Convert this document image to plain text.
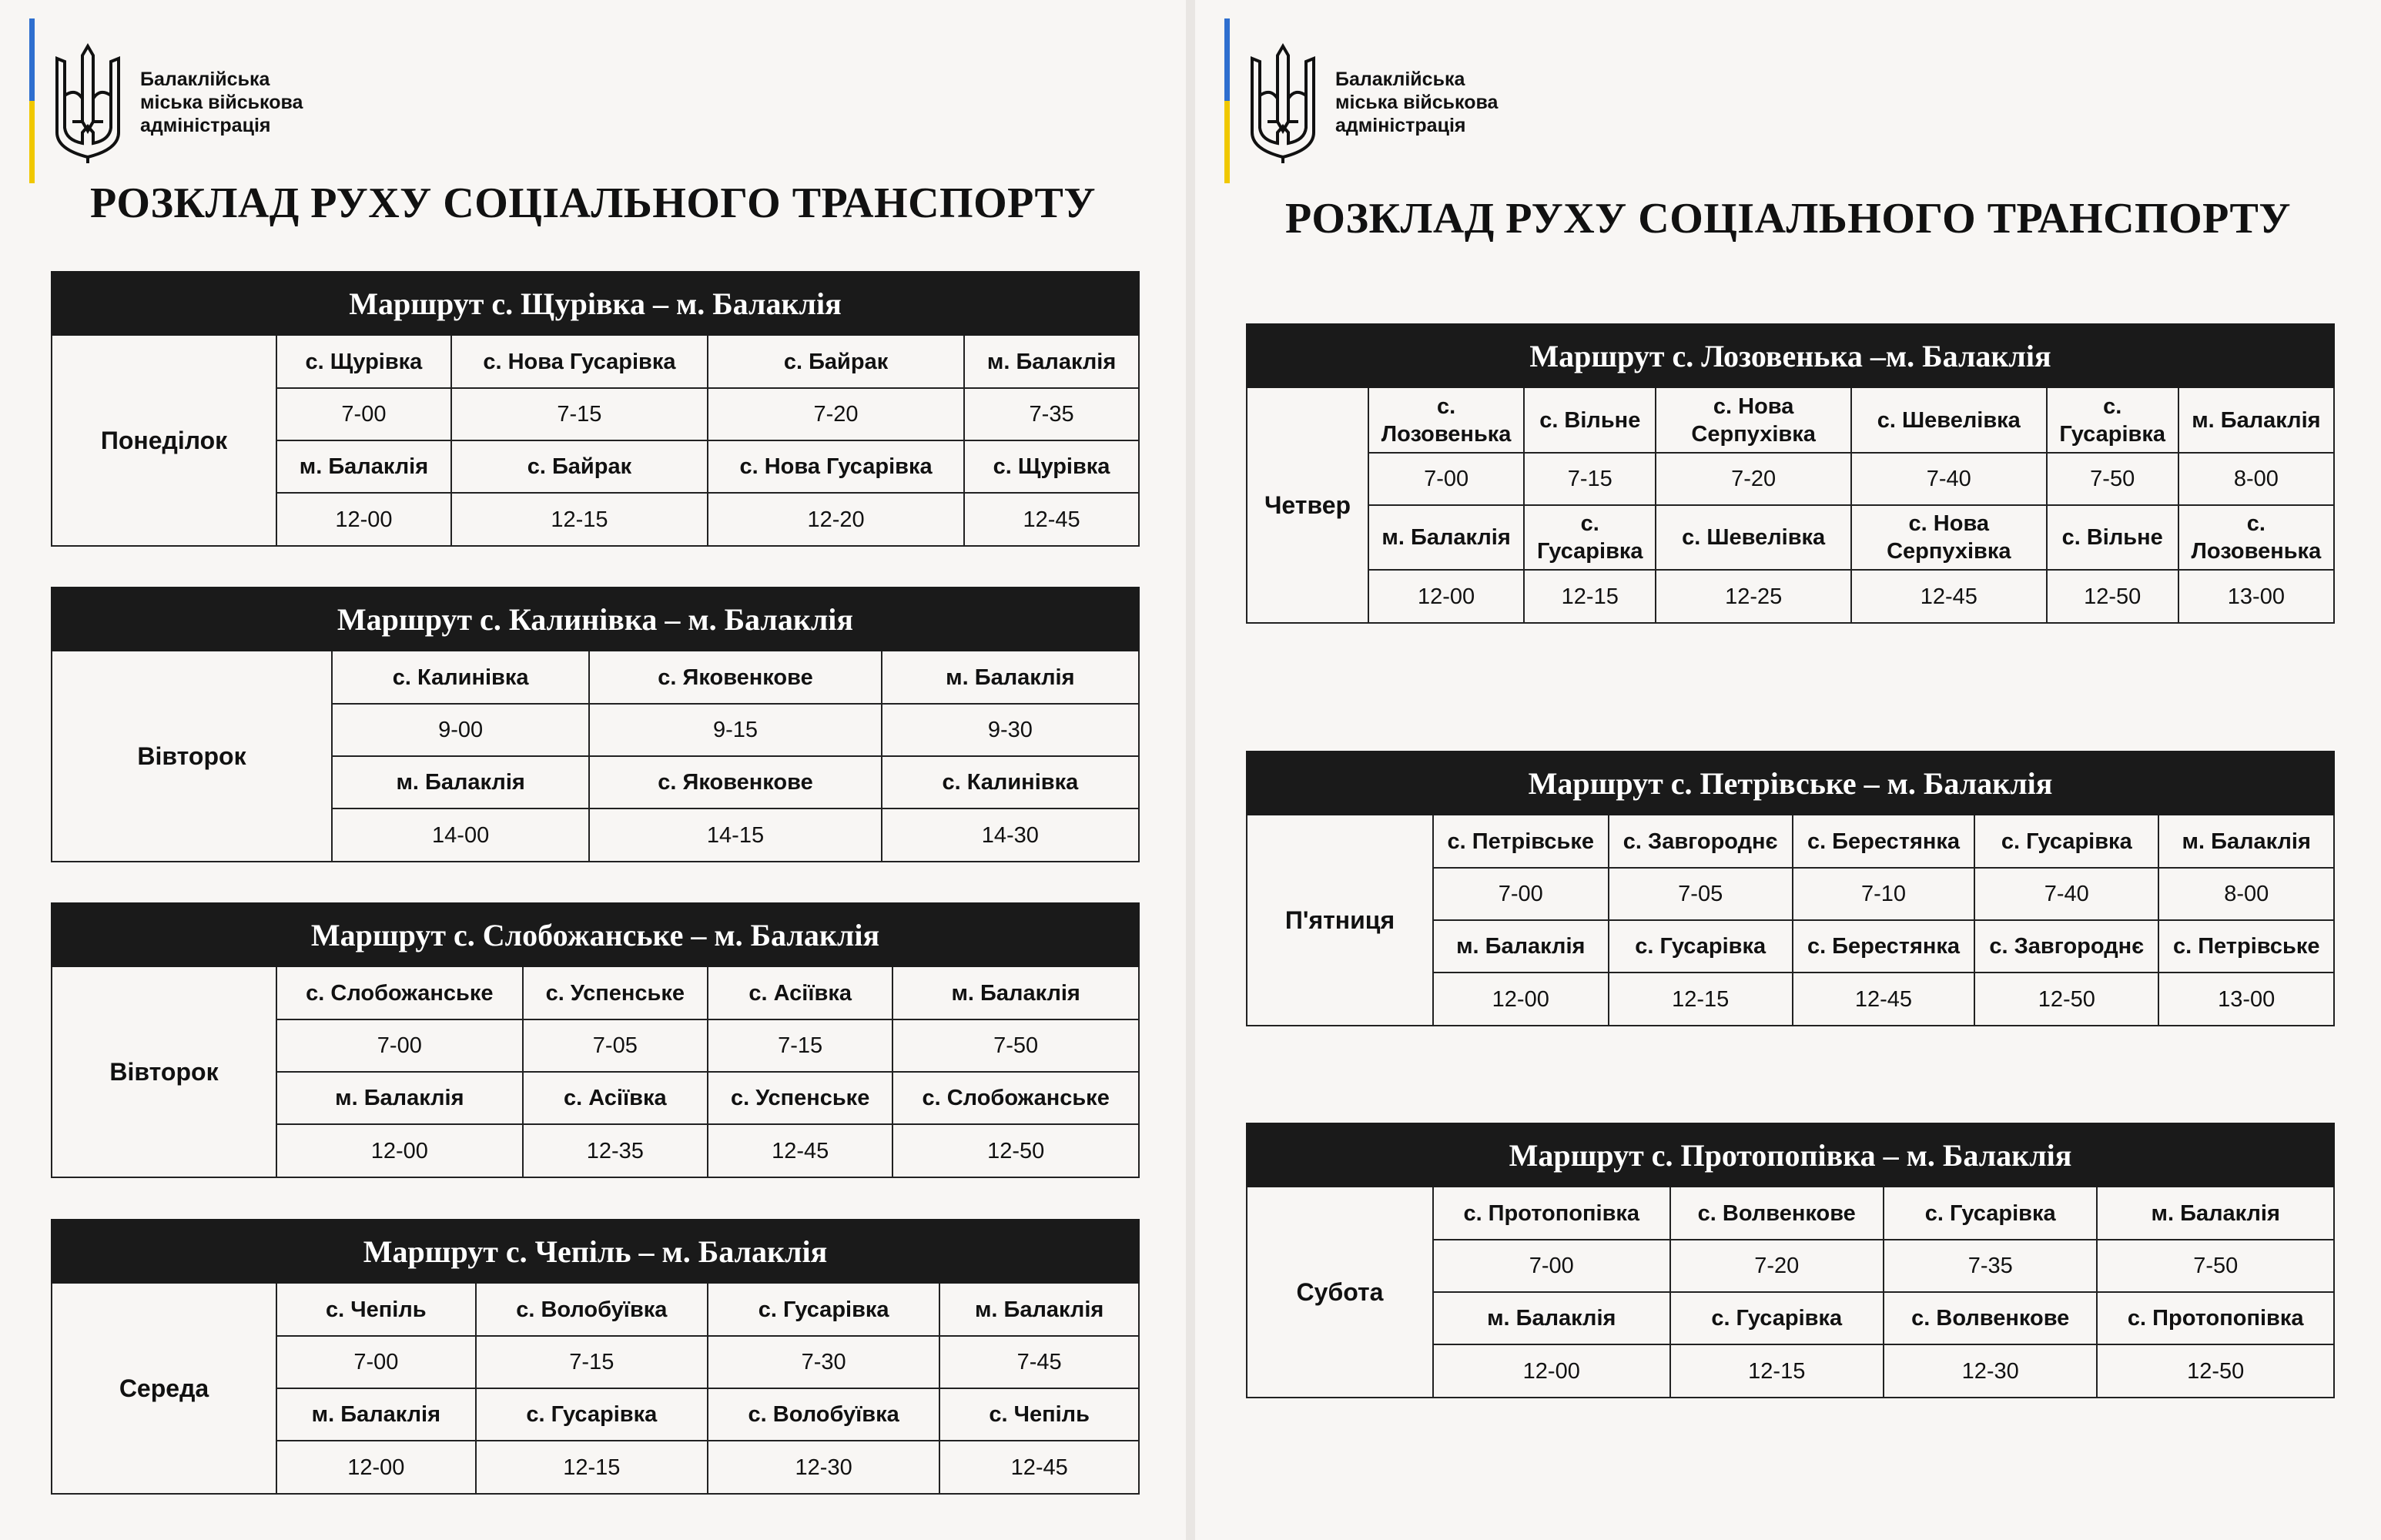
Балаклійська
міська військова
адміністрація
РОЗКЛАД РУХУ СОЦІАЛЬНОГО ТРАНСПОРТУ
Маршрут с. Щурівка – м. Балаклія
Понеділок
с. Щурівка	с. Нова Гусарівка	с. Байрак	м. Балаклія
7-00	7-15	7-20	7-35
м. Балаклія	с. Байрак	с. Нова Гусарівка	с. Щурівка
12-00	12-15	12-20	12-45
Маршрут с. Калинівка – м. Балаклія
Вівторок
с. Калинівка	с. Яковенкове	м. Балаклія
9-00	9-15	9-30
м. Балаклія	с. Яковенкове	с. Калинівка
14-00	14-15	14-30
Маршрут с. Слобожанське – м. Балаклія
Вівторок
с. Слобожанське	с. Успенське	с. Асіївка	м. Балаклія
7-00	7-05	7-15	7-50
м. Балаклія	с. Асіївка	с. Успенське	с. Слобожанське
12-00	12-35	12-45	12-50
Маршрут с. Чепіль – м. Балаклія
Середа
с. Чепіль	с. Волобуївка	с. Гусарівка	м. Балаклія
7-00	7-15	7-30	7-45
м. Балаклія	с. Гусарівка	с. Волобуївка	с. Чепіль
12-00	12-15	12-30	12-45
Балаклійська
міська військова
адміністрація
РОЗКЛАД РУХУ СОЦІАЛЬНОГО ТРАНСПОРТУ
Маршрут с. Лозовенька –м. Балаклія
Четвер
с. Лозовенька	с. Вільне	с. Нова Серпухівка	с. Шевелівка	с. Гусарівка	м. Балаклія
7-00	7-15	7-20	7-40	7-50	8-00
м. Балаклія	с. Гусарівка	с. Шевелівка	с. Нова Серпухівка	с. Вільне	с. Лозовенька
12-00	12-15	12-25	12-45	12-50	13-00
Маршрут с. Петрівське – м. Балаклія
П'ятниця
с. Петрівське	с. Завгороднє	с. Берестянка	с. Гусарівка	м. Балаклія
7-00	7-05	7-10	7-40	8-00
м. Балаклія	с. Гусарівка	с. Берестянка	с. Завгороднє	с. Петрівське
12-00	12-15	12-45	12-50	13-00
Маршрут с. Протопопівка – м. Балаклія
Субота
с. Протопопівка	с. Волвенкове	с. Гусарівка	м. Балаклія
7-00	7-20	7-35	7-50
м. Балаклія	с. Гусарівка	с. Волвенкове	с. Протопопівка
12-00	12-15	12-30	12-50
